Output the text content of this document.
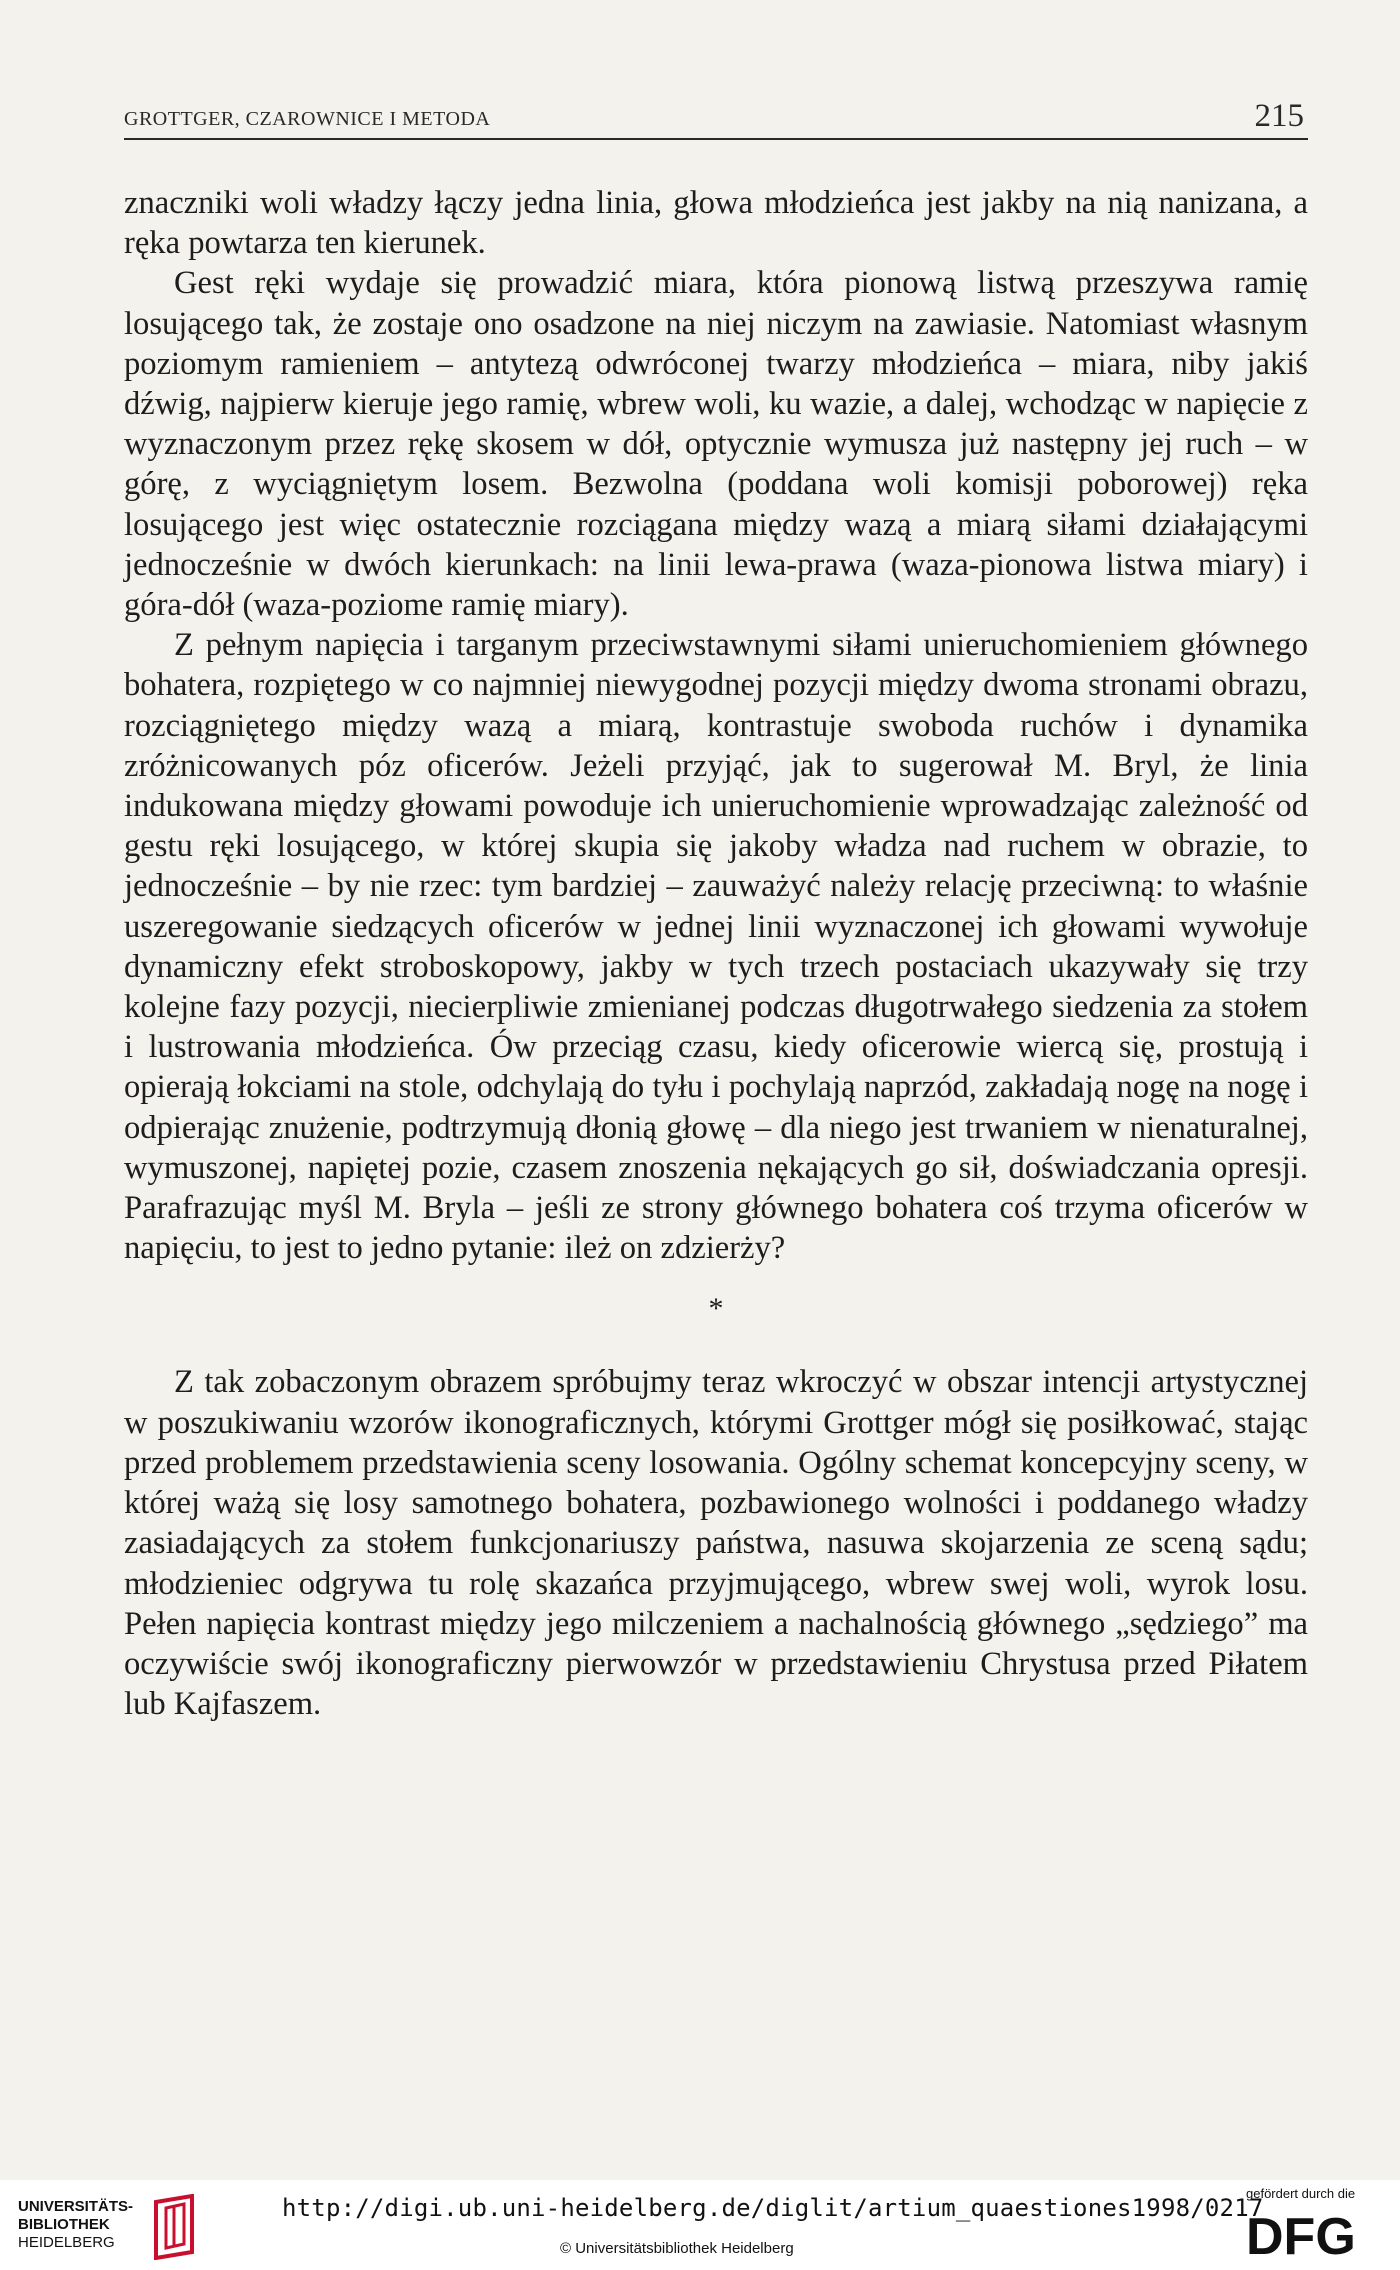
GROTTGER, CZAROWNICE I METODA	215

znaczniki woli władzy łączy jedna linia, głowa młodzieńca jest jakby na nią nanizana, a ręka powtarza ten kierunek.

Gest ręki wydaje się prowadzić miara, która pionową listwą przeszywa ramię losującego tak, że zostaje ono osadzone na niej niczym na zawiasie. Natomiast własnym poziomym ramieniem – antytezą odwróconej twarzy młodzieńca – miara, niby jakiś dźwig, najpierw kieruje jego ramię, wbrew woli, ku wazie, a dalej, wchodząc w napięcie z wyznaczonym przez rękę skosem w dół, optycznie wymusza już następny jej ruch – w górę, z wyciągniętym losem. Bezwolna (poddana woli komisji poborowej) ręka losującego jest więc ostatecznie rozciągana między wazą a miarą siłami działającymi jednocześnie w dwóch kierunkach: na linii lewa-prawa (waza-pionowa listwa miary) i góra-dół (waza-poziome ramię miary).

Z pełnym napięcia i targanym przeciwstawnymi siłami unieruchomieniem głównego bohatera, rozpiętego w co najmniej niewygodnej pozycji między dwoma stronami obrazu, rozciągniętego między wazą a miarą, kontrastuje swoboda ruchów i dynamika zróżnicowanych póz oficerów. Jeżeli przyjąć, jak to sugerował M. Bryl, że linia indukowana między głowami powoduje ich unieruchomienie wprowadzając zależność od gestu ręki losującego, w której skupia się jakoby władza nad ruchem w obrazie, to jednocześnie – by nie rzec: tym bardziej – zauważyć należy relację przeciwną: to właśnie uszeregowanie siedzących oficerów w jednej linii wyznaczonej ich głowami wywołuje dynamiczny efekt stroboskopowy, jakby w tych trzech postaciach ukazywały się trzy kolejne fazy pozycji, niecierpliwie zmienianej podczas długotrwałego siedzenia za stołem i lustrowania młodzieńca. Ów przeciąg czasu, kiedy oficerowie wiercą się, prostują i opierają łokciami na stole, odchylają do tyłu i pochylają naprzód, zakładają nogę na nogę i odpierając znużenie, podtrzymują dłonią głowę – dla niego jest trwaniem w nienaturalnej, wymuszonej, napiętej pozie, czasem znoszenia nękających go sił, doświadczania opresji. Parafrazując myśl M. Bryla – jeśli ze strony głównego bohatera coś trzyma oficerów w napięciu, to jest to jedno pytanie: ileż on zdzierży?

*

Z tak zobaczonym obrazem spróbujmy teraz wkroczyć w obszar intencji artystycznej w poszukiwaniu wzorów ikonograficznych, którymi Grottger mógł się posiłkować, stając przed problemem przedstawienia sceny losowania. Ogólny schemat koncepcyjny sceny, w której ważą się losy samotnego bohatera, pozbawionego wolności i poddanego władzy zasiadających za stołem funkcjonariuszy państwa, nasuwa skojarzenia ze sceną sądu; młodzieniec odgrywa tu rolę skazańca przyjmującego, wbrew swej woli, wyrok losu. Pełen napięcia kontrast między jego milczeniem a nachalnością głównego „sędziego” ma oczywiście swój ikonograficzny pierwowzór w przedstawieniu Chrystusa przed Piłatem lub Kajfaszem.

UNIVERSITÄTS-
BIBLIOTHEK
HEIDELBERG
http://digi.ub.uni-heidelberg.de/diglit/artium_quaestiones1998/0217
© Universitätsbibliothek Heidelberg
gefördert durch die
DFG
